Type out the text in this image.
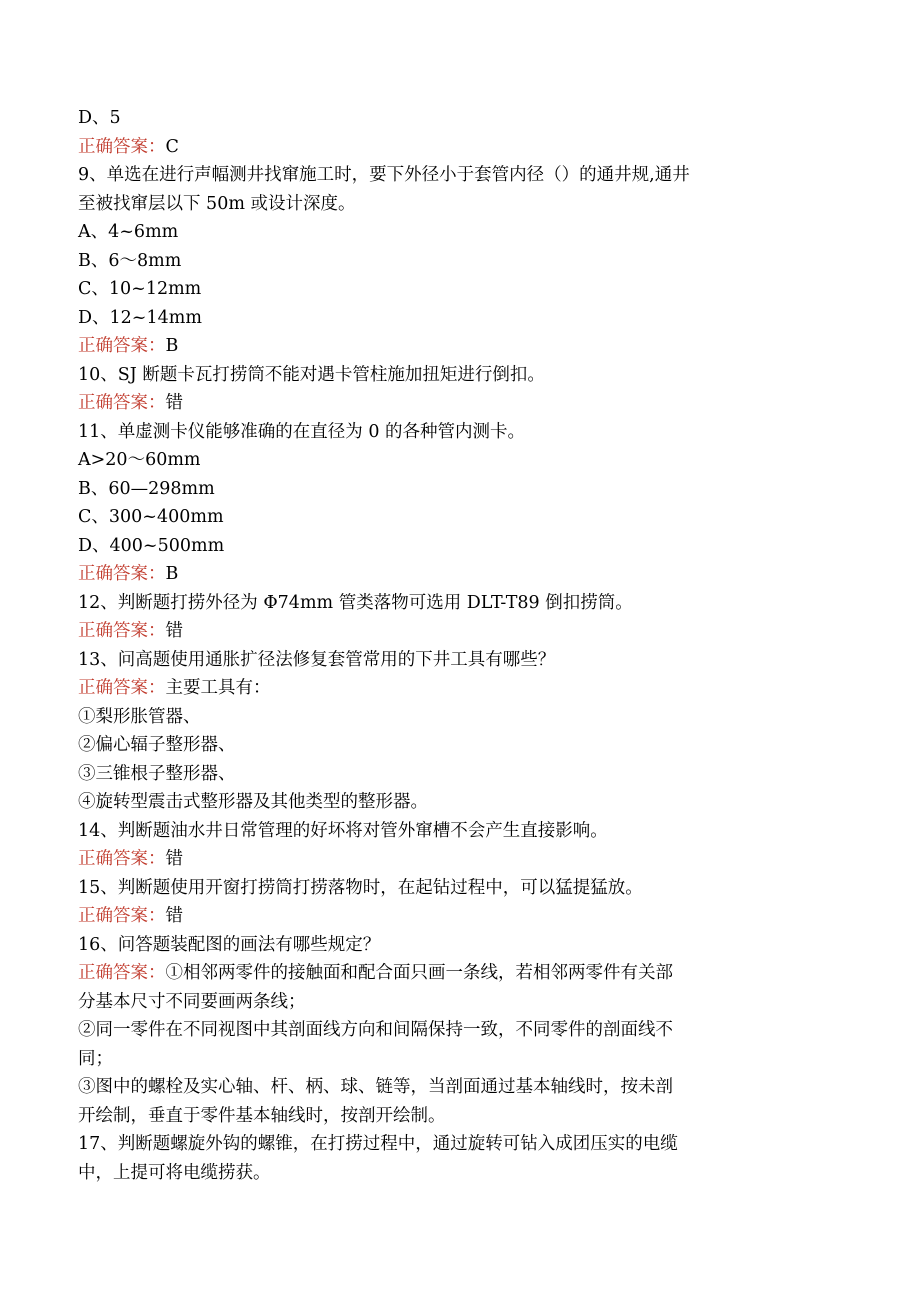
D、5
正确答案：C
9、单选在进行声幅测井找窜施工时，要下外径小于套管内径（）的通井规,通井
至被找窜层以下 50m 或设计深度。
A、4~6mm
B、6～8mm
C、10~12mm
D、12~14mm
正确答案：B
10、SJ 断题卡瓦打捞筒不能对遇卡管柱施加扭矩进行倒扣。
正确答案：错
11、单虚测卡仪能够准确的在直径为 0 的各种管内测卡。
A>20～60mm
B、60—298mm
C、300~400mm
D、400~500mm
正确答案：B
12、判断题打捞外径为 Φ74mm 管类落物可选用 DLT-T89 倒扣捞筒。
正确答案：错
13、问高题使用通胀扩径法修复套管常用的下井工具有哪些？
正确答案：主要工具有：
①梨形胀管器、
②偏心辐子整形器、
③三锥根子整形器、
④旋转型震击式整形器及其他类型的整形器。
14、判断题油水井日常管理的好坏将对管外窜槽不会产生直接影响。
正确答案：错
15、判断题使用开窗打捞筒打捞落物时，在起钻过程中，可以猛提猛放。
正确答案：错
16、问答题装配图的画法有哪些规定？
正确答案：①相邻两零件的接触面和配合面只画一条线，若相邻两零件有关部
分基本尺寸不同要画两条线；
②同一零件在不同视图中其剖面线方向和间隔保持一致，不同零件的剖面线不
同；
③图中的螺栓及实心轴、杆、柄、球、链等，当剖面通过基本轴线时，按未剖
开绘制，垂直于零件基本轴线时，按剖开绘制。
17、判断题螺旋外钩的螺锥，在打捞过程中，通过旋转可钻入成团压实的电缆
中，上提可将电缆捞获。
